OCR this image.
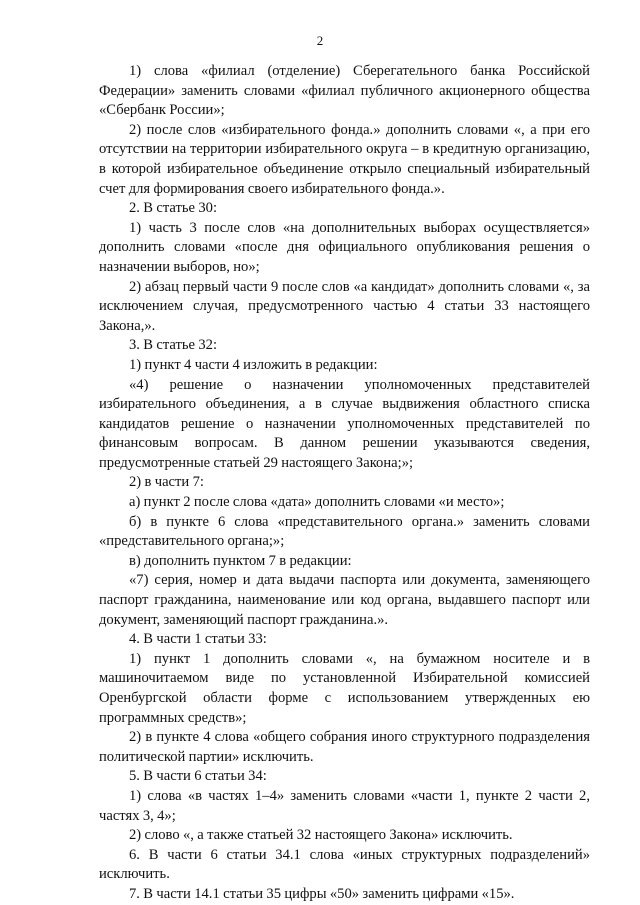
2

1) слова «филиал (отделение) Сберегательного банка Российской Федерации» заменить словами «филиал публичного акционерного общества «Сбербанк России»;

2) после слов «избирательного фонда.» дополнить словами «, а при его отсутствии на территории избирательного округа – в кредитную организацию, в которой избирательное объединение открыло специальный избирательный счет для формирования своего избирательного фонда.».

2. В статье 30:

1) часть 3 после слов «на дополнительных выборах осуществляется» дополнить словами «после дня официального опубликования решения о назначении выборов, но»;

2) абзац первый части 9 после слов «а кандидат» дополнить словами «, за исключением случая, предусмотренного частью 4 статьи 33 настоящего Закона,».

3. В статье 32:

1) пункт 4 части 4 изложить в редакции:

«4) решение о назначении уполномоченных представителей избирательного объединения, а в случае выдвижения областного списка кандидатов решение о назначении уполномоченных представителей по финансовым вопросам. В данном решении указываются сведения, предусмотренные статьей 29 настоящего Закона;»;

2) в части 7:

а) пункт 2 после слова «дата» дополнить словами «и место»;

б) в пункте 6 слова «представительного органа.» заменить словами «представительного органа;»;

в) дополнить пунктом 7 в редакции:

«7) серия, номер и дата выдачи паспорта или документа, заменяющего паспорт гражданина, наименование или код органа, выдавшего паспорт или документ, заменяющий паспорт гражданина.».

4. В части 1 статьи 33:

1) пункт 1 дополнить словами «, на бумажном носителе и в машиночитаемом виде по установленной Избирательной комиссией Оренбургской области форме с использованием утвержденных ею программных средств»;

2) в пункте 4 слова «общего собрания иного структурного подразделения политической партии» исключить.

5. В части 6 статьи 34:

1) слова «в частях 1–4» заменить словами «части 1, пункте 2 части 2, частях 3, 4»;

2) слово «, а также статьей 32 настоящего Закона» исключить.

6. В части 6 статьи 34.1 слова «иных структурных подразделений» исключить.

7. В части 14.1 статьи 35 цифры «50» заменить цифрами «15».
